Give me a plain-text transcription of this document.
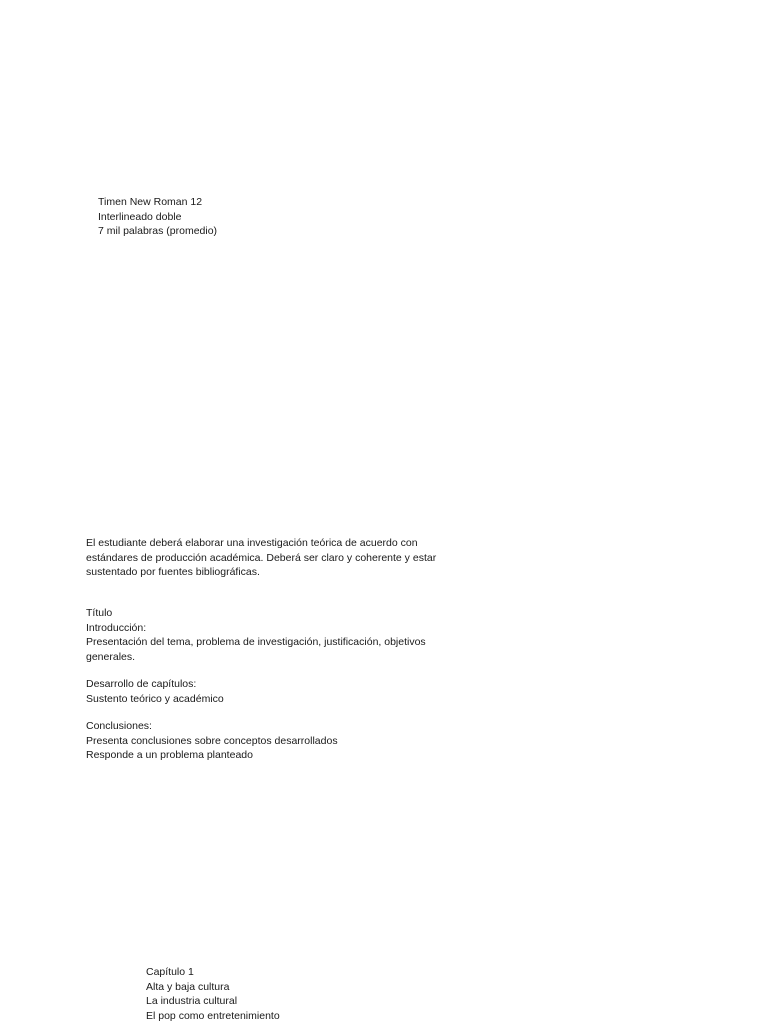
Timen New Roman 12
Interlineado doble
7 mil palabras (promedio)
El estudiante deberá elaborar una investigación teórica de acuerdo con
estándares de producción académica. Deberá ser claro y coherente y estar
sustentado por fuentes bibliográficas.
Título
Introducción:
Presentación del tema, problema de investigación, justificación, objetivos
generales.
Desarrollo de capítulos:
Sustento teórico y académico
Conclusiones:
Presenta conclusiones sobre conceptos desarrollados
Responde a un problema planteado
Capítulo 1
Alta y baja cultura
La industria cultural
El pop como entretenimiento
